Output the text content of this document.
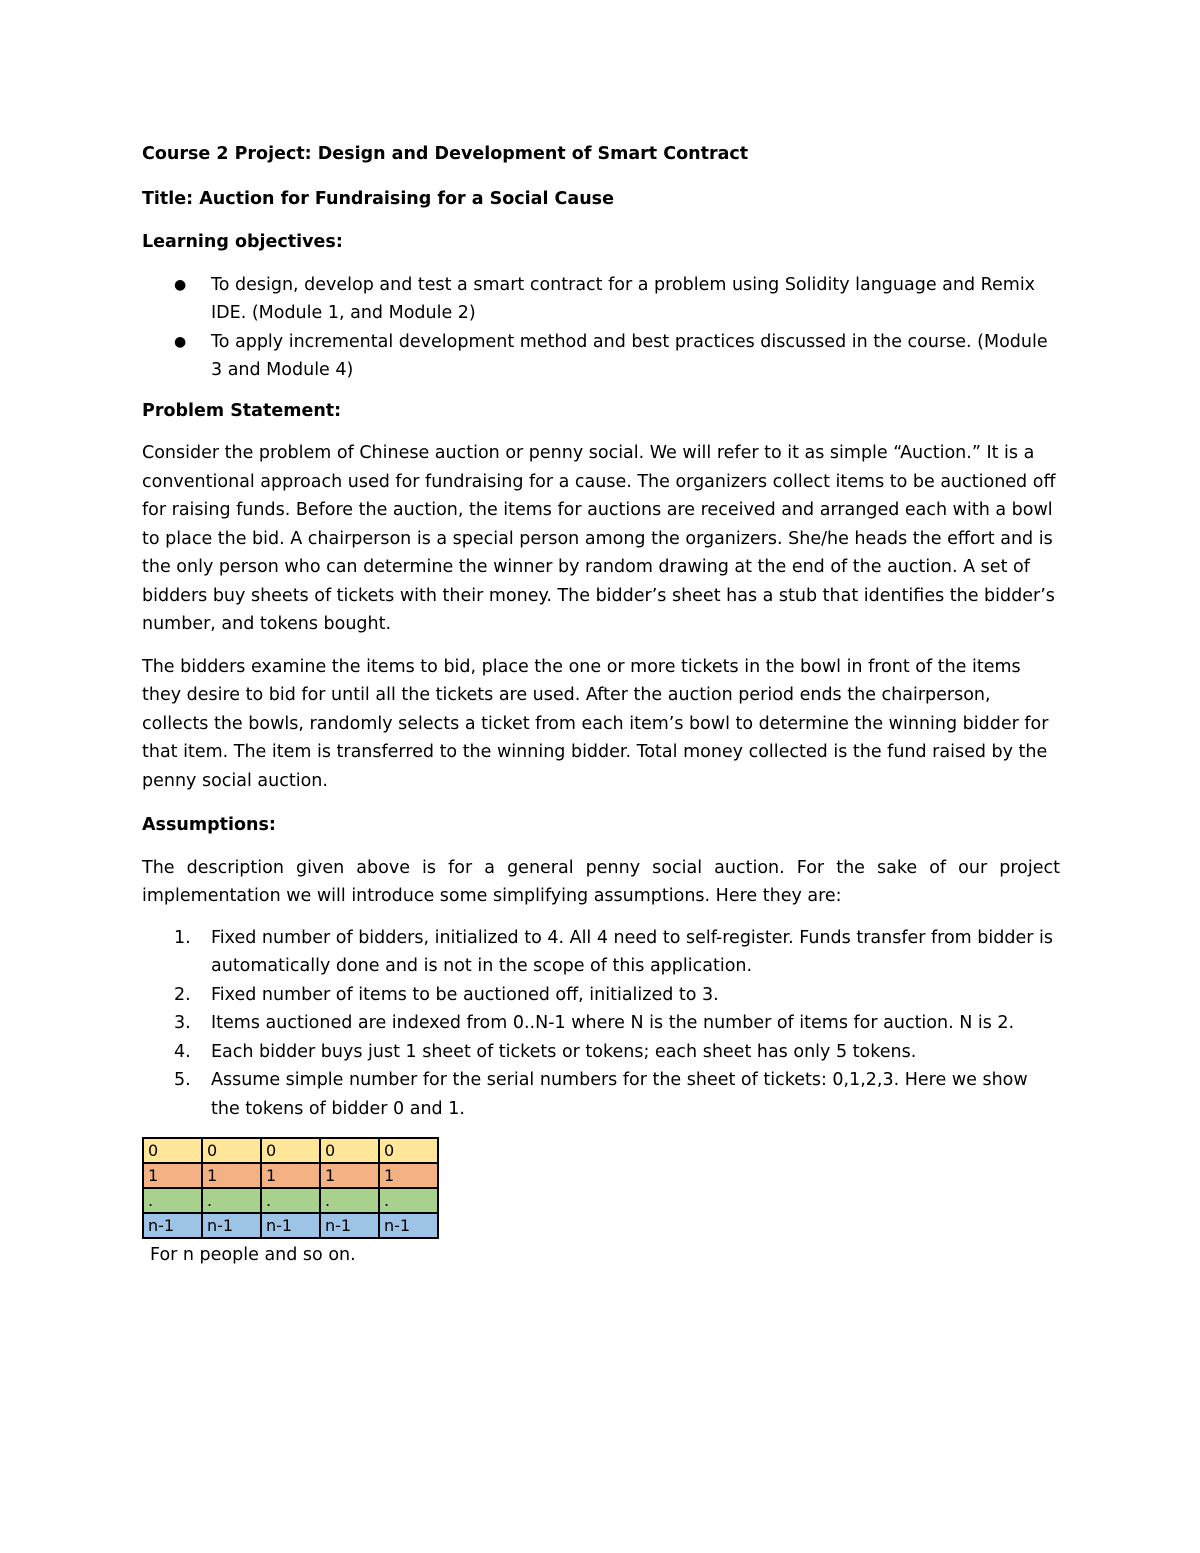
Course 2 Project: Design and Development of Smart Contract

Title: Auction for Fundraising for a Social Cause

Learning objectives:

● To design, develop and test a smart contract for a problem using Solidity language and Remix IDE. (Module 1, and Module 2)
● To apply incremental development method and best practices discussed in the course. (Module 3 and Module 4)

Problem Statement:

Consider the problem of Chinese auction or penny social. We will refer to it as simple “Auction.” It is a conventional approach used for fundraising for a cause. The organizers collect items to be auctioned off for raising funds. Before the auction, the items for auctions are received and arranged each with a bowl to place the bid. A chairperson is a special person among the organizers. She/he heads the effort and is the only person who can determine the winner by random drawing at the end of the auction. A set of bidders buy sheets of tickets with their money. The bidder’s sheet has a stub that identifies the bidder’s number, and tokens bought.

The bidders examine the items to bid, place the one or more tickets in the bowl in front of the items they desire to bid for until all the tickets are used. After the auction period ends the chairperson, collects the bowls, randomly selects a ticket from each item’s bowl to determine the winning bidder for that item. The item is transferred to the winning bidder. Total money collected is the fund raised by the penny social auction.

Assumptions:

The description given above is for a general penny social auction. For the sake of our project implementation we will introduce some simplifying assumptions. Here they are:

1. Fixed number of bidders, initialized to 4. All 4 need to self-register. Funds transfer from bidder is automatically done and is not in the scope of this application.
2. Fixed number of items to be auctioned off, initialized to 3.
3. Items auctioned are indexed from 0..N-1 where N is the number of items for auction. N is 2.
4. Each bidder buys just 1 sheet of tickets or tokens; each sheet has only 5 tokens.
5. Assume simple number for the serial numbers for the sheet of tickets: 0,1,2,3. Here we show the tokens of bidder 0 and 1.
0	0	0	0	0
1	1	1	1	1
.	.	.	.	.
n-1	n-1	n-1	n-1	n-1

For n people and so on.
